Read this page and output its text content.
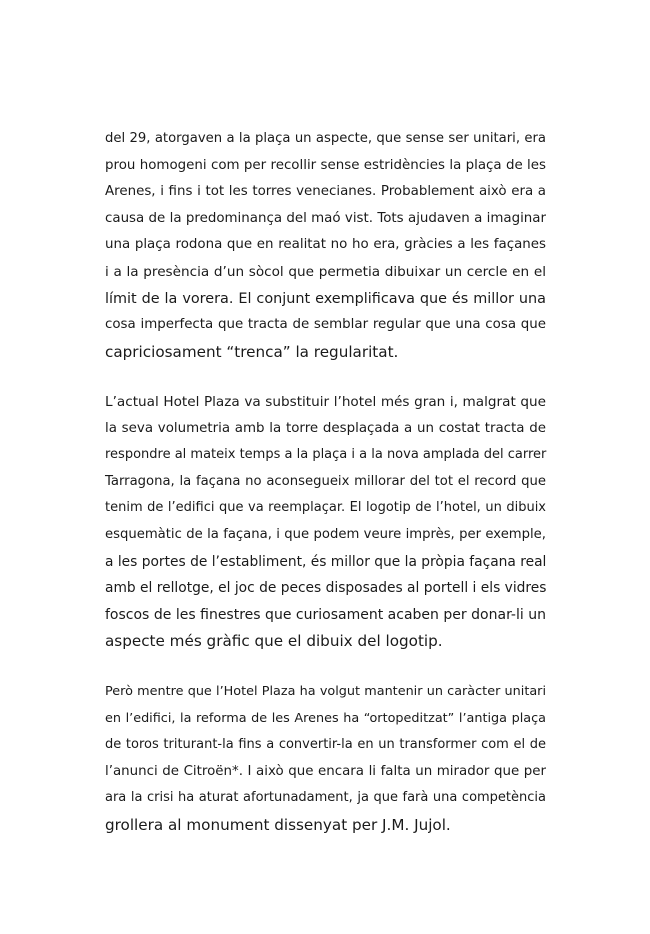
del 29, atorgaven a la plaça un aspecte, que sense ser unitari, era
prou homogeni com per recollir sense estridències la plaça de les
Arenes, i fins i tot les torres venecianes. Probablement això era a
causa de la predominança del maó vist. Tots ajudaven a imaginar
una plaça rodona que en realitat no ho era, gràcies a les façanes
i a la presència d’un sòcol que permetia dibuixar un cercle en el
límit de la vorera. El conjunt exemplificava que és millor una
cosa imperfecta que tracta de semblar regular que una cosa que
capriciosament “trenca” la regularitat.

L’actual Hotel Plaza va substituir l’hotel més gran i, malgrat que
la seva volumetria amb la torre desplaçada a un costat tracta de
respondre al mateix temps a la plaça i a la nova amplada del carrer
Tarragona, la façana no aconsegueix millorar del tot el record que
tenim de l’edifici que va reemplaçar. El logotip de l’hotel, un dibuix
esquemàtic de la façana, i que podem veure imprès, per exemple,
a les portes de l’establiment, és millor que la pròpia façana real
amb el rellotge, el joc de peces disposades al portell i els vidres
foscos de les finestres que curiosament acaben per donar-li un
aspecte més gràfic que el dibuix del logotip.

Però mentre que l’Hotel Plaza ha volgut mantenir un caràcter unitari
en l’edifici, la reforma de les Arenes ha “ortopeditzat” l’antiga plaça
de toros triturant-la fins a convertir-la en un transformer com el de
l’anunci de Citroën*. I això que encara li falta un mirador que per
ara la crisi ha aturat afortunadament, ja que farà una competència
grollera al monument dissenyat per J.M. Jujol.
